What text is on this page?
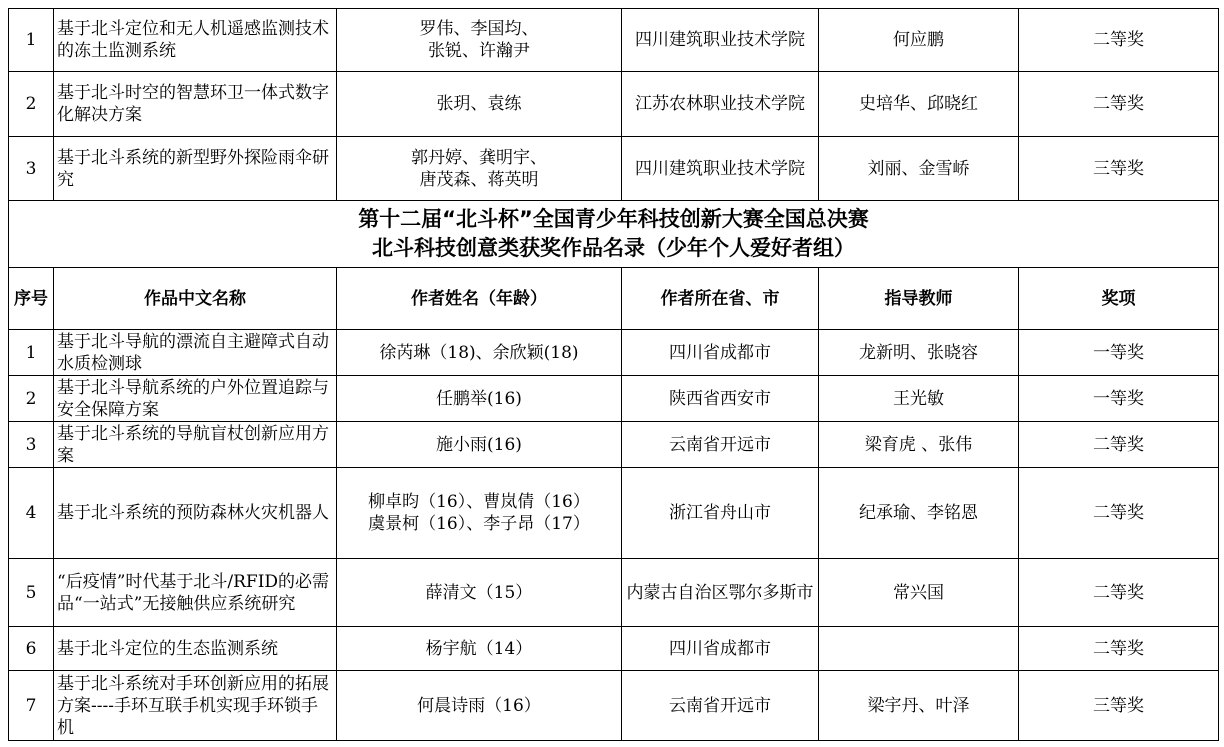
1	基于北斗定位和无人机遥感监测技术的冻土监测系统	罗伟、李国均、
张锐、许瀚尹	四川建筑职业技术学院	何应鹏	二等奖
2	基于北斗时空的智慧环卫一体式数字化解决方案	张玥、袁练	江苏农林职业技术学院	史培华、邱晓红	二等奖
3	基于北斗系统的新型野外探险雨伞研究	郭丹婷、龚明宇、
唐茂森、蒋英明	四川建筑职业技术学院	刘丽、金雪峤	三等奖
第十二届“北斗杯”全国青少年科技创新大赛全国总决赛
北斗科技创意类获奖作品名录（少年个人爱好者组）					
序号	作品中文名称	作者姓名（年龄）	作者所在省、市	指导教师	奖项
1	基于北斗导航的漂流自主避障式自动水质检测球	徐芮琳（18)、余欣颖(18)	四川省成都市	龙新明、张晓容	一等奖
2	基于北斗导航系统的户外位置追踪与安全保障方案	任鹏举(16)	陕西省西安市	王光敏	一等奖
3	基于北斗系统的导航盲杖创新应用方案	施小雨(16)	云南省开远市	梁育虎 、张伟	二等奖
4	基于北斗系统的预防森林火灾机器人	柳卓昀（16）、曹岚倩（16）
虞景柯（16）、李子昂（17）	浙江省舟山市	纪承瑜、李铭恩	二等奖
5	“后疫情”时代基于北斗/RFID的必需品“一站式”无接触供应系统研究	薛清文（15）	内蒙古自治区鄂尔多斯市	常兴国	二等奖
6	基于北斗定位的生态监测系统	杨宇航（14）	四川省成都市		二等奖
7	基于北斗系统对手环创新应用的拓展方案----手环互联手机实现手环锁手机	何晨诗雨（16）	云南省开远市	梁宇丹、叶泽	三等奖
